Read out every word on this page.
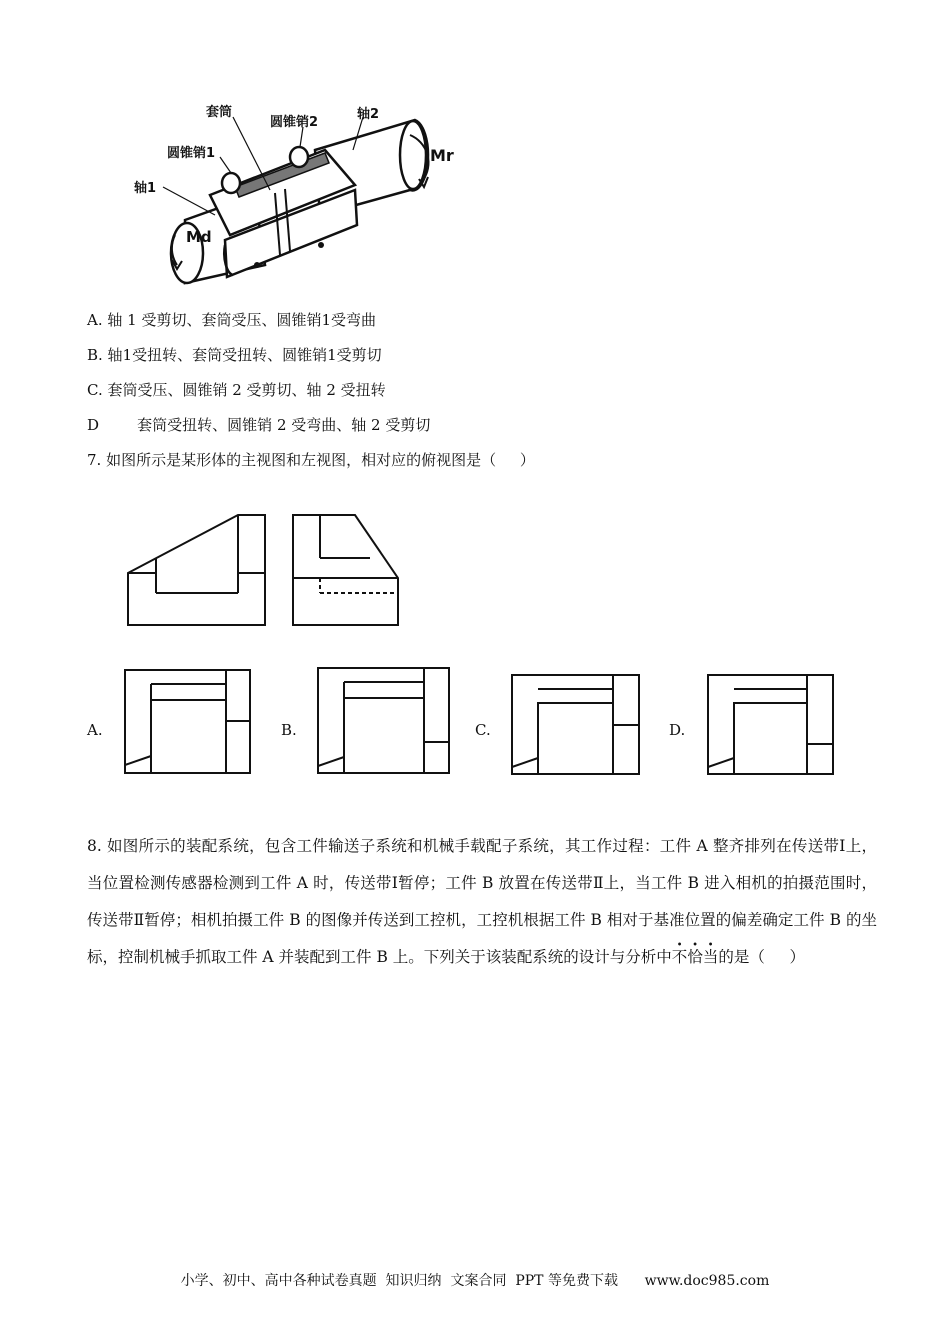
套筒
圆锥销2
轴2
圆锥销1	Mr
轴1
Md
A. 轴 1 受剪切、套筒受压、圆锥销1受弯曲
B. 轴1受扭转、套筒受扭转、圆锥销1受剪切
C. 套筒受压、圆锥销 2 受剪切、轴 2 受扭转
D        套筒受扭转、圆锥销 2 受弯曲、轴 2 受剪切
7. 如图所示是某形体的主视图和左视图，相对应的俯视图是（     ）
A.	B.	C.	D.
8. 如图所示的装配系统，包含工件输送子系统和机械手载配子系统，其工作过程：工件 A 整齐排列在传送带Ⅰ上，当位置检测传感器检测到工件 A 时，传送带Ⅰ暂停；工件 B 放置在传送带Ⅱ上，当工件 B 进入相机的拍摄范围时，传送带Ⅱ暂停；相机拍摄工件 B 的图像并传送到工控机，工控机根据工件 B 相对于基准位置的偏差确定工件 B 的坐标，控制机械手抓取工件 A 并装配到工件 B 上。下列关于该装配系统的设计与分析中不恰当的是（     ）
小学、初中、高中各种试卷真题  知识归纳  文案合同  PPT 等免费下载      www.doc985.com
